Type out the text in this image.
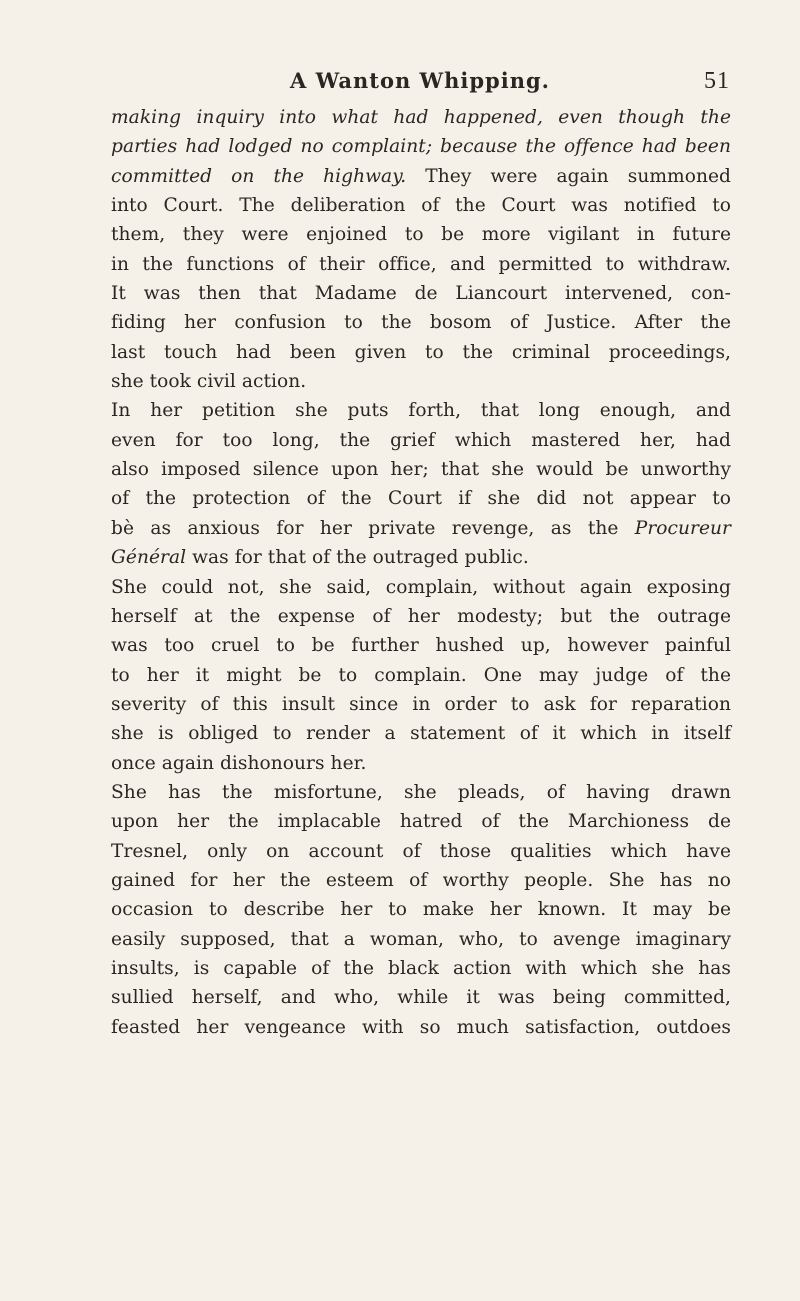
A Wanton Whipping.	51
making inquiry into what had happened, even though the
parties had lodged no complaint; because the offence had been
committed on the highway. They were again summoned
into Court. The deliberation of the Court was notified to
them, they were enjoined to be more vigilant in future
in the functions of their office, and permitted to withdraw.
It was then that Madame de Liancourt intervened, con-
fiding her confusion to the bosom of Justice. After the
last touch had been given to the criminal proceedings,
she took civil action.
In her petition she puts forth, that long enough, and
even for too long, the grief which mastered her, had
also imposed silence upon her; that she would be unworthy
of the protection of the Court if she did not appear to
bè as anxious for her private revenge, as the Procureur
Général was for that of the outraged public.
She could not, she said, complain, without again exposing
herself at the expense of her modesty; but the outrage
was too cruel to be further hushed up, however painful
to her it might be to complain. One may judge of the
severity of this insult since in order to ask for reparation
she is obliged to render a statement of it which in itself
once again dishonours her.
She has the misfortune, she pleads, of having drawn
upon her the implacable hatred of the Marchioness de
Tresnel, only on account of those qualities which have
gained for her the esteem of worthy people. She has no
occasion to describe her to make her known. It may be
easily supposed, that a woman, who, to avenge imaginary
insults, is capable of the black action with which she has
sullied herself, and who, while it was being committed,
feasted her vengeance with so much satisfaction, outdoes
